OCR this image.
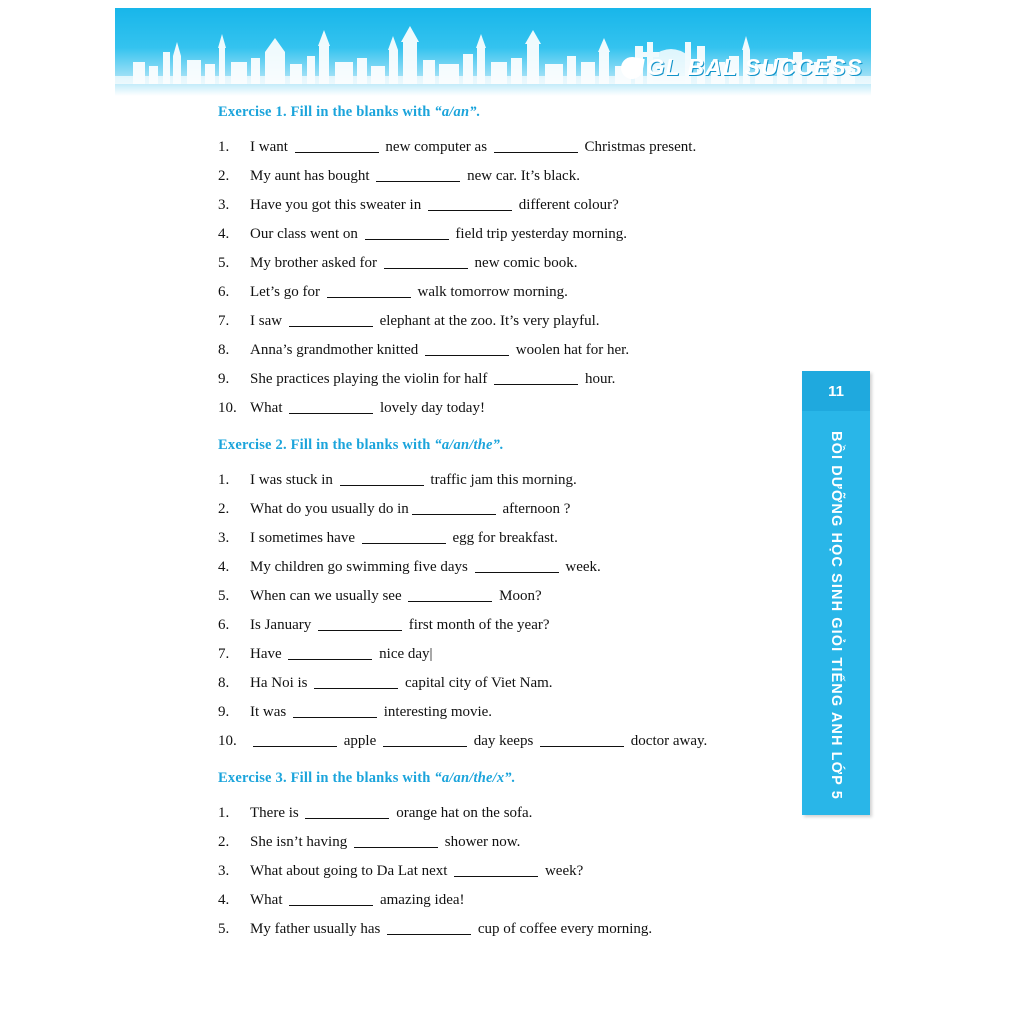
GL BAL SUCCESS
11
BỒI DƯỠNG HỌC SINH GIỎI TIẾNG ANH LỚP 5
Exercise 1. Fill in the blanks with “a/an”.
1.	I want	new computer as	Christmas present.
2.	My aunt has bought	new car. It’s black.
3.	Have you got this sweater in	different colour?
4.	Our class went on	field trip yesterday morning.
5.	My brother asked for	new comic book.
6.	Let’s go for	walk tomorrow morning.
7.	I saw	elephant at the zoo. It’s very playful.
8.	Anna’s grandmother knitted	woolen hat for her.
9.	She practices playing the violin for half	hour.
10. What	lovely day today!
Exercise 2. Fill in the blanks with “a/an/the”.
1.	I was stuck in	traffic jam this morning.
2.	What do you usually do in	afternoon ?
3.	I sometimes have	egg for breakfast.
4.	My children go swimming five days	week.
5.	When can we usually see	Moon?
6.	Is January	first month of the year?
7.	Have	nice day|
8.	Ha Noi is	capital city of Viet Nam.
9.	It was	interesting movie.
10.	apple	day keeps	doctor away.
Exercise 3. Fill in the blanks with “a/an/the/x”.
1.	There is	orange hat on the sofa.
2.	She isn’t having	shower now.
3.	What about going to Da Lat next	week?
4.	What	amazing idea!
5.	My father usually has	cup of coffee every morning.
